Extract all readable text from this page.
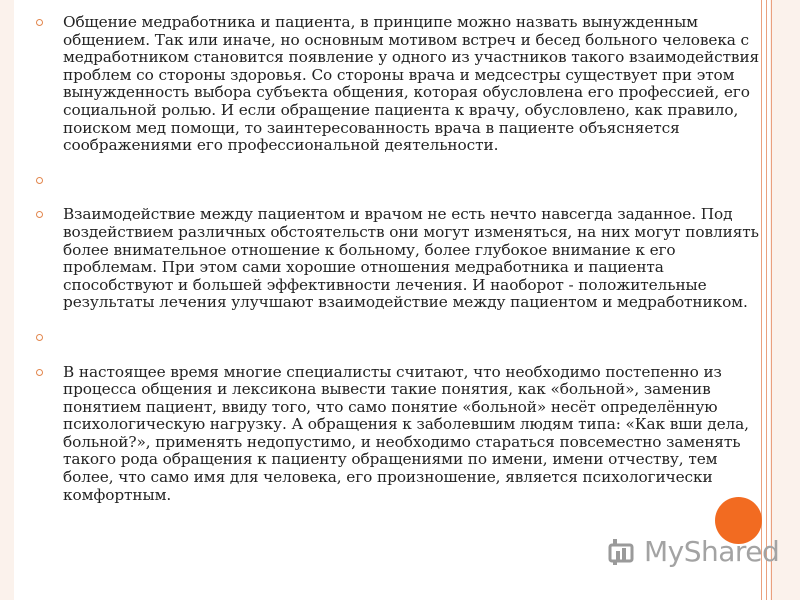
Общение медработника и пациента, в принципе можно назвать вынужденным общением. Так или иначе, но основным мотивом встреч и бесед больного человека с медработником становится появление у одного из участников такого взаимодействия проблем со стороны здоровья. Со стороны врача и медсестры существует при этом вынужденность выбора субъекта общения, которая обусловлена его профессией, его социальной ролью. И если обращение пациента к врачу, обусловлено, как правило, поиском мед помощи, то заинтересованность врача в пациенте объясняется соображениями его профессиональной деятельности.
Взаимодействие между пациентом и врачом не есть нечто навсегда заданное. Под воздействием различных обстоятельств они могут изменяться, на них могут повлиять более внимательное отношение к больному, более глубокое внимание к его проблемам. При этом сами хорошие отношения медработника и пациента способствуют и большей эффективности лечения. И наоборот - положительные результаты лечения улучшают взаимодействие между пациентом и медработником.
В настоящее время многие специалисты считают, что необходимо постепенно из процесса общения и лексикона вывести такие понятия, как «больной», заменив понятием пациент, ввиду того, что само понятие «больной» несёт определённую психологическую нагрузку. А обращения к заболевшим людям типа: «Как вши дела, больной?», применять недопустимо, и необходимо стараться повсеместно заменять такого рода обращения к пациенту обращениями по имени, имени отчеству, тем более, что само имя для человека, его произношение, является психологически комфортным.
MyShared
